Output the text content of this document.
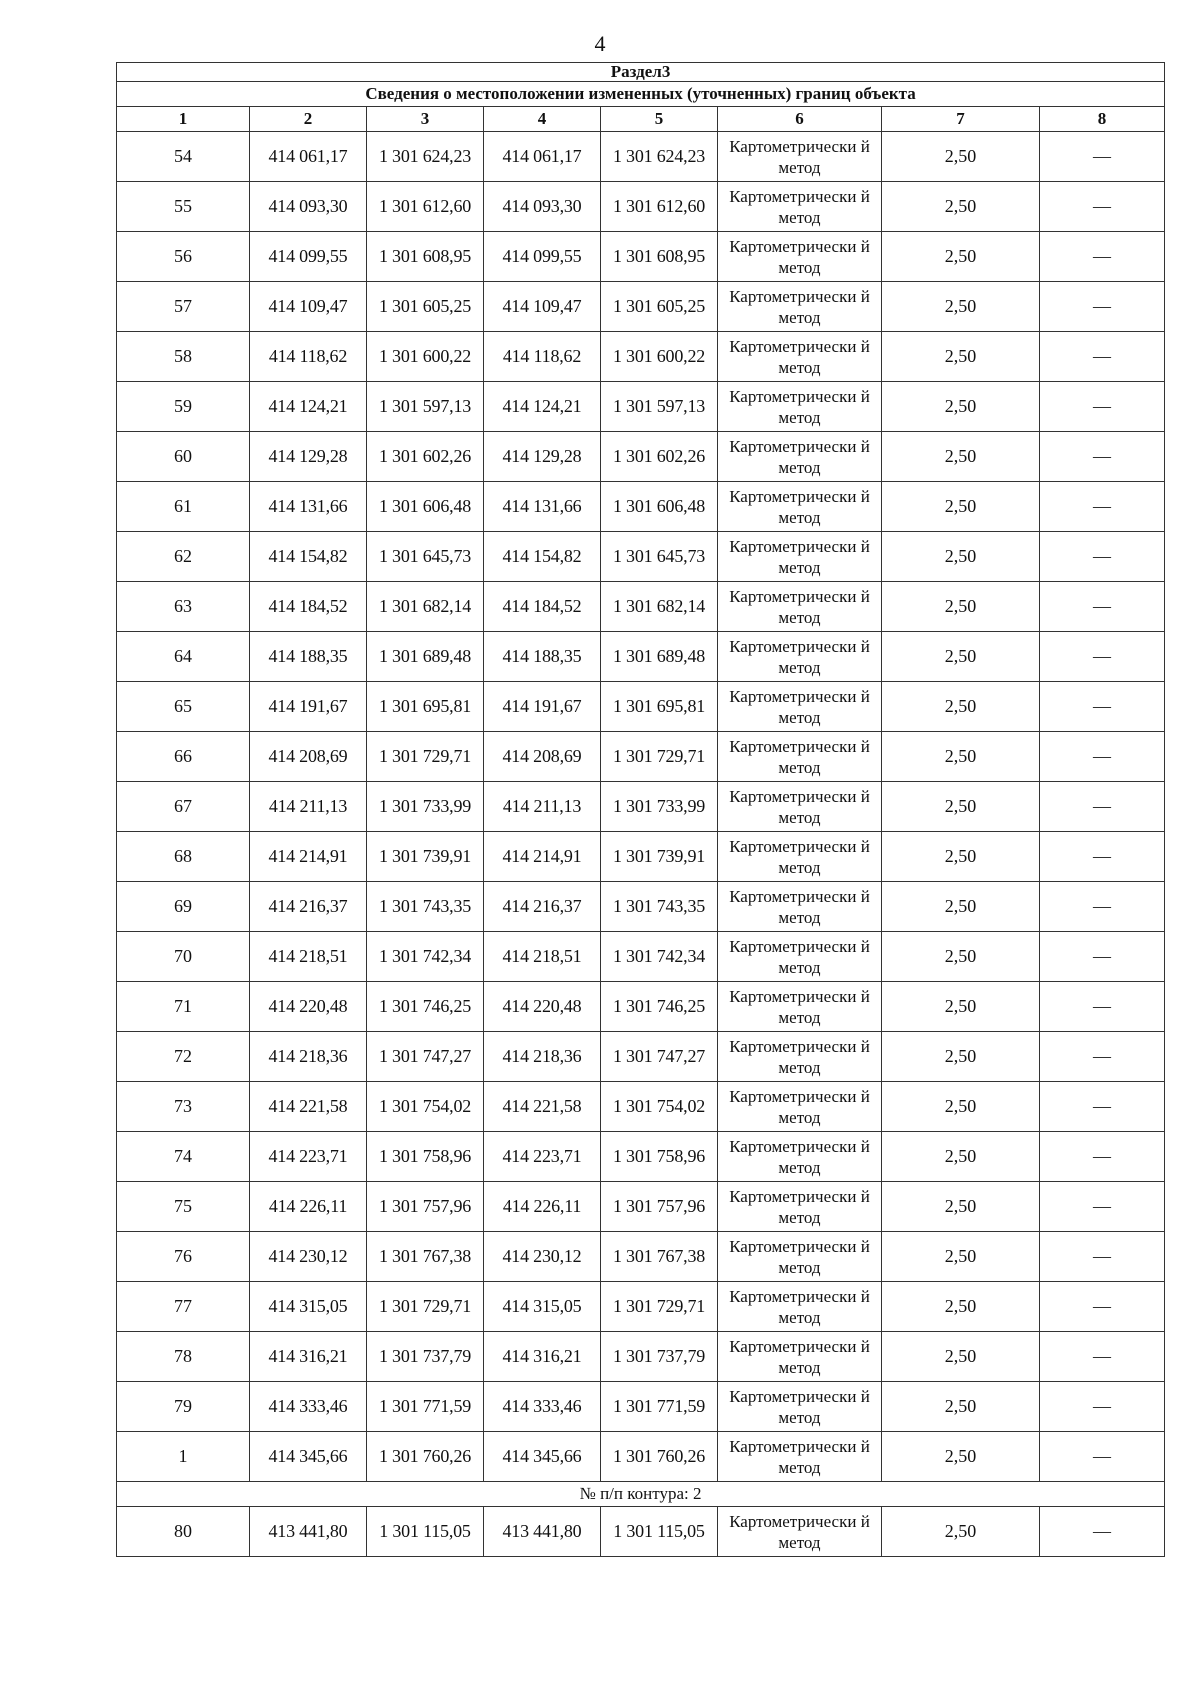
4
Раздел3							
Сведения о местоположении измененных (уточненных) границ объекта							
1	2	3	4	5	6	7	8
54	414 061,17	1 301 624,23	414 061,17	1 301 624,23	Картометрически й метод	2,50	—
55	414 093,30	1 301 612,60	414 093,30	1 301 612,60	Картометрически й метод	2,50	—
56	414 099,55	1 301 608,95	414 099,55	1 301 608,95	Картометрически й метод	2,50	—
57	414 109,47	1 301 605,25	414 109,47	1 301 605,25	Картометрически й метод	2,50	—
58	414 118,62	1 301 600,22	414 118,62	1 301 600,22	Картометрически й метод	2,50	—
59	414 124,21	1 301 597,13	414 124,21	1 301 597,13	Картометрически й метод	2,50	—
60	414 129,28	1 301 602,26	414 129,28	1 301 602,26	Картометрически й метод	2,50	—
61	414 131,66	1 301 606,48	414 131,66	1 301 606,48	Картометрически й метод	2,50	—
62	414 154,82	1 301 645,73	414 154,82	1 301 645,73	Картометрически й метод	2,50	—
63	414 184,52	1 301 682,14	414 184,52	1 301 682,14	Картометрически й метод	2,50	—
64	414 188,35	1 301 689,48	414 188,35	1 301 689,48	Картометрически й метод	2,50	—
65	414 191,67	1 301 695,81	414 191,67	1 301 695,81	Картометрически й метод	2,50	—
66	414 208,69	1 301 729,71	414 208,69	1 301 729,71	Картометрически й метод	2,50	—
67	414 211,13	1 301 733,99	414 211,13	1 301 733,99	Картометрически й метод	2,50	—
68	414 214,91	1 301 739,91	414 214,91	1 301 739,91	Картометрически й метод	2,50	—
69	414 216,37	1 301 743,35	414 216,37	1 301 743,35	Картометрически й метод	2,50	—
70	414 218,51	1 301 742,34	414 218,51	1 301 742,34	Картометрически й метод	2,50	—
71	414 220,48	1 301 746,25	414 220,48	1 301 746,25	Картометрически й метод	2,50	—
72	414 218,36	1 301 747,27	414 218,36	1 301 747,27	Картометрически й метод	2,50	—
73	414 221,58	1 301 754,02	414 221,58	1 301 754,02	Картометрически й метод	2,50	—
74	414 223,71	1 301 758,96	414 223,71	1 301 758,96	Картометрически й метод	2,50	—
75	414 226,11	1 301 757,96	414 226,11	1 301 757,96	Картометрически й метод	2,50	—
76	414 230,12	1 301 767,38	414 230,12	1 301 767,38	Картометрически й метод	2,50	—
77	414 315,05	1 301 729,71	414 315,05	1 301 729,71	Картометрически й метод	2,50	—
78	414 316,21	1 301 737,79	414 316,21	1 301 737,79	Картометрически й метод	2,50	—
79	414 333,46	1 301 771,59	414 333,46	1 301 771,59	Картометрически й метод	2,50	—
1	414 345,66	1 301 760,26	414 345,66	1 301 760,26	Картометрически й метод	2,50	—
№ п/п контура: 2							
80	413 441,80	1 301 115,05	413 441,80	1 301 115,05	Картометрически й метод	2,50	—
